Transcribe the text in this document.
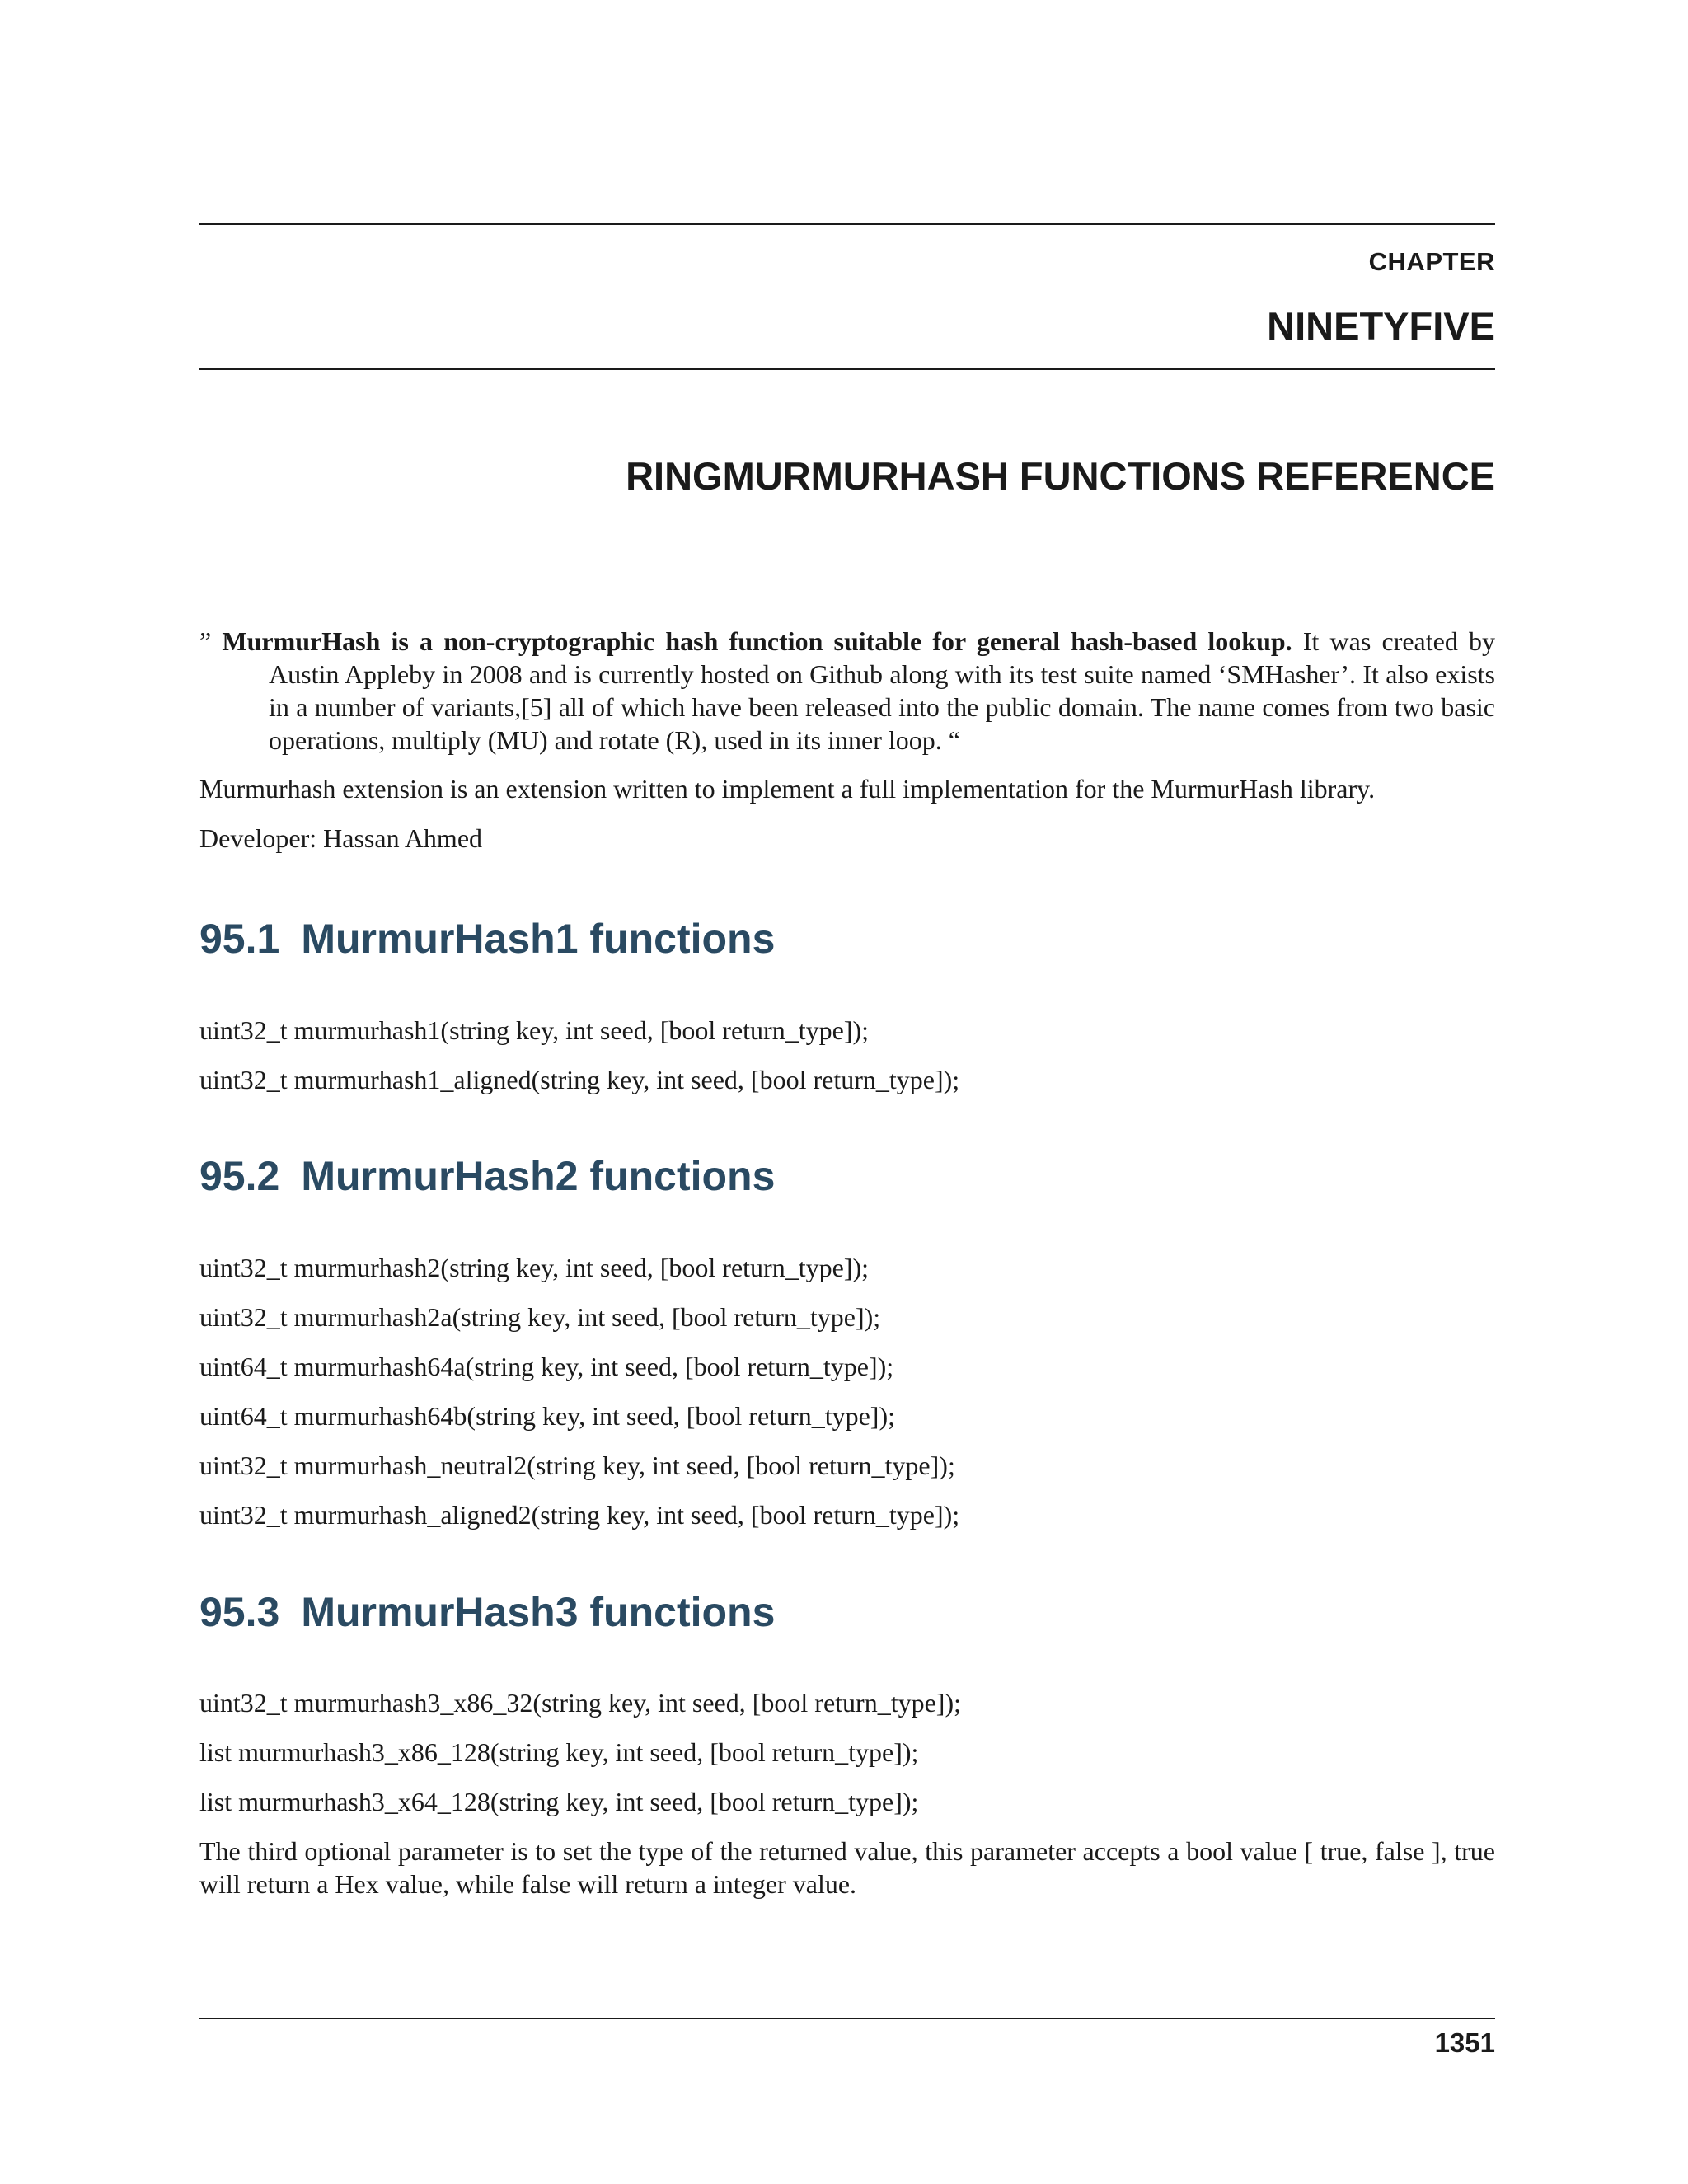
CHAPTER
NINETYFIVE
RINGMURMURHASH FUNCTIONS REFERENCE
” MurmurHash is a non-cryptographic hash function suitable for general hash-based lookup. It was created by
Austin Appleby in 2008 and is currently hosted on Github along with its test suite named ‘SMHasher’. It also exists in a number of variants,[5] all of which have been released into the public domain. The name comes from two basic operations, multiply (MU) and rotate (R), used in its inner loop. “
Murmurhash extension is an extension written to implement a full implementation for the MurmurHash library.
Developer: Hassan Ahmed
95.1 MurmurHash1 functions
uint32_t murmurhash1(string key, int seed, [bool return_type]);
uint32_t murmurhash1_aligned(string key, int seed, [bool return_type]);
95.2 MurmurHash2 functions
uint32_t murmurhash2(string key, int seed, [bool return_type]);
uint32_t murmurhash2a(string key, int seed, [bool return_type]);
uint64_t murmurhash64a(string key, int seed, [bool return_type]);
uint64_t murmurhash64b(string key, int seed, [bool return_type]);
uint32_t murmurhash_neutral2(string key, int seed, [bool return_type]);
uint32_t murmurhash_aligned2(string key, int seed, [bool return_type]);
95.3 MurmurHash3 functions
uint32_t murmurhash3_x86_32(string key, int seed, [bool return_type]);
list murmurhash3_x86_128(string key, int seed, [bool return_type]);
list murmurhash3_x64_128(string key, int seed, [bool return_type]);
The third optional parameter is to set the type of the returned value, this parameter accepts a bool value [ true, false ], true will return a Hex value, while false will return a integer value.
1351
